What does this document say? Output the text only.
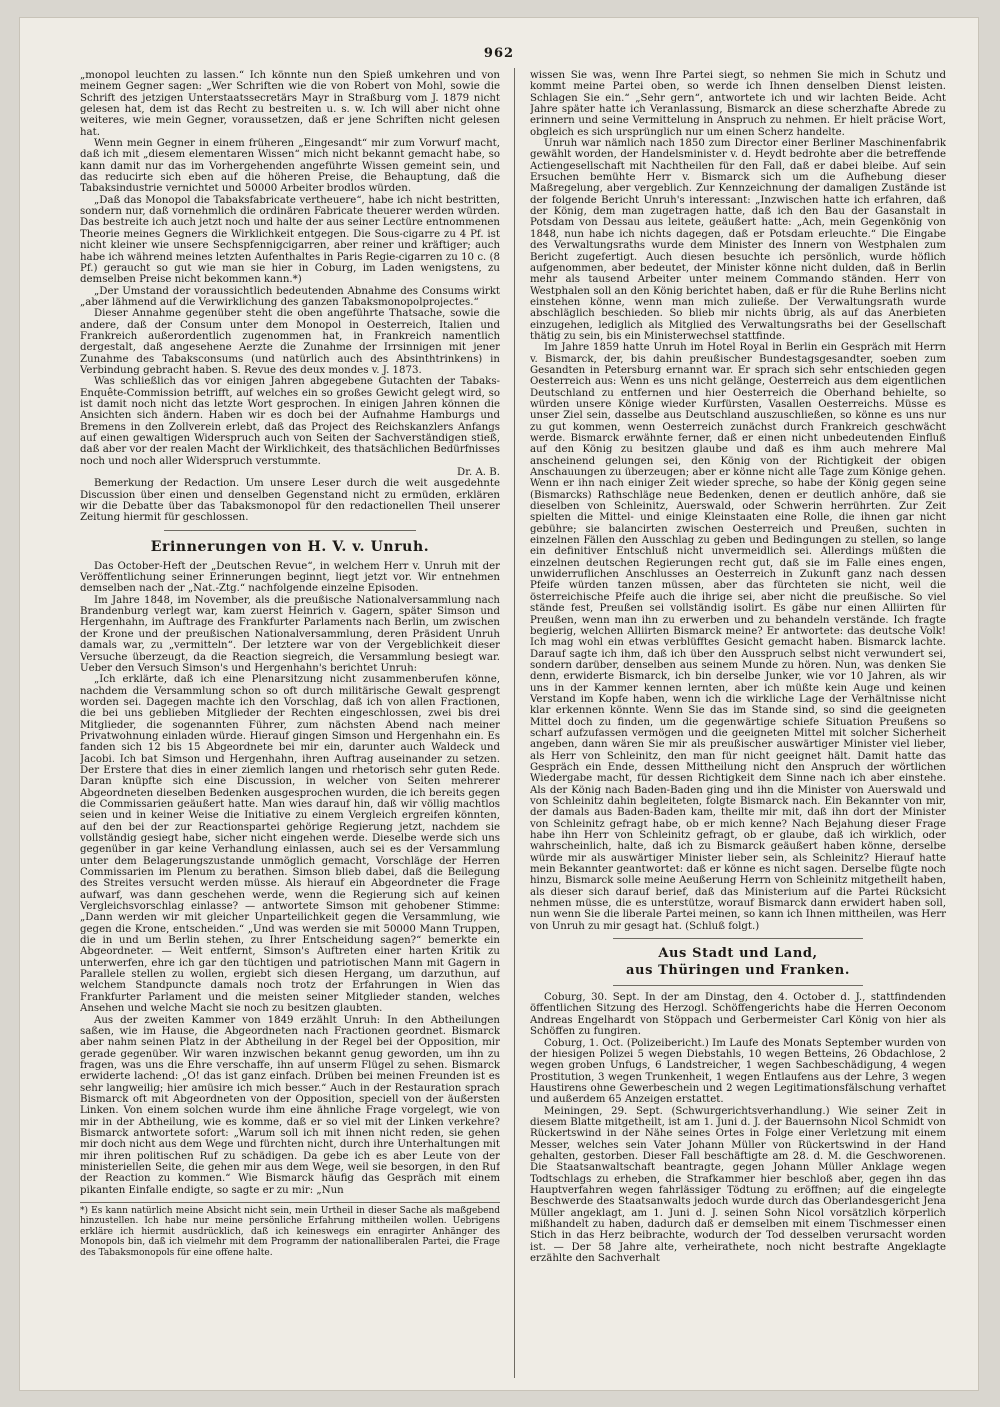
962

„monopol leuchten zu lassen.“ Ich könnte nun den Spieß umkehren und von meinem Gegner sagen: „Wer Schriften wie die von Robert von Mohl, sowie die Schrift des jetzigen Unterstaatssecretärs Mayr in Straßburg vom J. 1879 nicht gelesen hat, dem ist das Recht zu bestreiten u. s. w. Ich will aber nicht ohne weiteres, wie mein Gegner, voraussetzen, daß er jene Schriften nicht gelesen hat.

Wenn mein Gegner in einem früheren „Eingesandt“ mir zum Vorwurf macht, daß ich mit „diesem elementaren Wissen“ mich nicht bekannt gemacht habe, so kann damit nur das im Vorhergehenden angeführte Wissen gemeint sein, und das reducirte sich eben auf die höheren Preise, die Behauptung, daß die Tabaksindustrie vernichtet und 50000 Arbeiter brodlos würden.

„Daß das Monopol die Tabaksfabricate vertheuere“, habe ich nicht bestritten, sondern nur, daß vornehmlich die ordinären Fabricate theuerer werden würden. Das bestreite ich auch jetzt noch und halte der aus seiner Lectüre entnommenen Theorie meines Gegners die Wirklichkeit entgegen. Die Sous-cigarre zu 4 Pf. ist nicht kleiner wie unsere Sechspfennigcigarren, aber reiner und kräftiger; auch habe ich während meines letzten Aufenthaltes in Paris Regie-cigarren zu 10 c. (8 Pf.) geraucht so gut wie man sie hier in Coburg, im Laden wenigstens, zu demselben Preise nicht bekommen kann.*)

„Der Umstand der voraussichtlich bedeutenden Abnahme des Consums wirkt „aber lähmend auf die Verwirklichung des ganzen Tabaksmonopolprojectes.“

Dieser Annahme gegenüber steht die oben angeführte Thatsache, sowie die andere, daß der Consum unter dem Monopol in Oesterreich, Italien und Frankreich außerordentlich zugenommen hat, in Frankreich namentlich dergestalt, daß angesehene Aerzte die Zunahme der Irrsinnigen mit jener Zunahme des Tabaksconsums (und natürlich auch des Absinthtrinkens) in Verbindung gebracht haben. S. Revue des deux mondes v. J. 1873.

Was schließlich das vor einigen Jahren abgegebene Gutachten der Tabaks-Enquête-Commission betrifft, auf welches ein so großes Gewicht gelegt wird, so ist damit noch nicht das letzte Wort gesprochen. In einigen Jahren können die Ansichten sich ändern. Haben wir es doch bei der Aufnahme Hamburgs und Bremens in den Zollverein erlebt, daß das Project des Reichskanzlers Anfangs auf einen gewaltigen Widerspruch auch von Seiten der Sachverständigen stieß, daß aber vor der realen Macht der Wirklichkeit, des thatsächlichen Bedürfnisses noch und noch aller Widerspruch verstummte.

Dr. A. B.

Bemerkung der Redaction. Um unsere Leser durch die weit ausgedehnte Discussion über einen und denselben Gegenstand nicht zu ermüden, erklären wir die Debatte über das Tabaksmonopol für den redactionellen Theil unserer Zeitung hiermit für geschlossen.

Erinnerungen von H. V. v. Unruh.

Das October-Heft der „Deutschen Revue“, in welchem Herr v. Unruh mit der Veröffentlichung seiner Erinnerungen beginnt, liegt jetzt vor. Wir entnehmen demselben nach der „Nat.-Ztg.“ nachfolgende einzelne Episoden.

Im Jahre 1848, im November, als die preußische Nationalversammlung nach Brandenburg verlegt war, kam zuerst Heinrich v. Gagern, später Simson und Hergenhahn, im Auftrage des Frankfurter Parlaments nach Berlin, um zwischen der Krone und der preußischen Nationalversammlung, deren Präsident Unruh damals war, zu „vermitteln“. Der letztere war von der Vergeblichkeit dieser Versuche überzeugt, da die Reaction siegreich, die Versammlung besiegt war. Ueber den Versuch Simson's und Hergenhahn's berichtet Unruh:

„Ich erklärte, daß ich eine Plenarsitzung nicht zusammenberufen könne, nachdem die Versammlung schon so oft durch militärische Gewalt gesprengt worden sei. Dagegen machte ich den Vorschlag, daß ich von allen Fractionen, die bei uns geblieben Mitglieder der Rechten eingeschlossen, zwei bis drei Mitglieder, die sogenannten Führer, zum nächsten Abend nach meiner Privatwohnung einladen würde. Hierauf gingen Simson und Hergenhahn ein. Es fanden sich 12 bis 15 Abgeordnete bei mir ein, darunter auch Waldeck und Jacobi. Ich bat Simson und Hergenhahn, ihren Auftrag auseinander zu setzen. Der Erstere that dies in einer ziemlich langen und rhetorisch sehr guten Rede. Daran knüpfte sich eine Discussion, in welcher von Seiten mehrerer Abgeordneten dieselben Bedenken ausgesprochen wurden, die ich bereits gegen die Commissarien geäußert hatte. Man wies darauf hin, daß wir völlig machtlos seien und in keiner Weise die Initiative zu einem Vergleich ergreifen könnten, auf den bei der zur Reactionspartei gehörige Regierung jetzt, nachdem sie vollständig gesiegt habe, sicher nicht eingehen werde. Dieselbe werde sich uns gegenüber in gar keine Verhandlung einlassen, auch sei es der Versammlung unter dem Belagerungszustande unmöglich gemacht, Vorschläge der Herren Commissarien im Plenum zu berathen. Simson blieb dabei, daß die Beilegung des Streites versucht werden müsse. Als hierauf ein Abgeordneter die Frage aufwarf, was dann geschehen werde, wenn die Regierung sich auf keinen Vergleichsvorschlag einlasse? — antwortete Simson mit gehobener Stimme: „Dann werden wir mit gleicher Unparteilichkeit gegen die Versammlung, wie gegen die Krone, entscheiden.“ „Und was werden sie mit 50000 Mann Truppen, die in und um Berlin stehen, zu Ihrer Entscheidung sagen?“ bemerkte ein Abgeordneter. — Weit entfernt, Simson's Auftreten einer harten Kritik zu unterwerfen, ehre ich gar den tüchtigen und patriotischen Mann mit Gagern in Parallele stellen zu wollen, ergiebt sich diesen Hergang, um darzuthun, auf welchem Standpuncte damals noch trotz der Erfahrungen in Wien das Frankfurter Parlament und die meisten seiner Mitglieder standen, welches Ansehen und welche Macht sie noch zu besitzen glaubten.

Aus der zweiten Kammer von 1849 erzählt Unruh: In den Abtheilungen saßen, wie im Hause, die Abgeordneten nach Fractionen geordnet. Bismarck aber nahm seinen Platz in der Abtheilung in der Regel bei der Opposition, mir gerade gegenüber. Wir waren inzwischen bekannt genug geworden, um ihn zu fragen, was uns die Ehre verschaffe, ihn auf unserm Flügel zu sehen. Bismarck erwiderte lachend: „O! das ist ganz einfach. Drüben bei meinen Freunden ist es sehr langweilig; hier amüsire ich mich besser.“ Auch in der Restauration sprach Bismarck oft mit Abgeordneten von der Opposition, speciell von der äußersten Linken. Von einem solchen wurde ihm eine ähnliche Frage vorgelegt, wie von mir in der Abtheilung, wie es komme, daß er so viel mit der Linken verkehre? Bismarck antwortete sofort: „Warum soll ich mit ihnen nicht reden, sie gehen mir doch nicht aus dem Wege und fürchten nicht, durch ihre Unterhaltungen mit mir ihren politischen Ruf zu schädigen. Da gebe ich es aber Leute von der ministeriellen Seite, die gehen mir aus dem Wege, weil sie besorgen, in den Ruf der Reaction zu kommen.“ Wie Bismarck häufig das Gespräch mit einem pikanten Einfalle endigte, so sagte er zu mir: „Nun

*) Es kann natürlich meine Absicht nicht sein, mein Urtheil in dieser Sache als maßgebend hinzustellen. Ich habe nur meine persönliche Erfahrung mittheilen wollen. Uebrigens erkläre ich hiermit ausdrücklich, daß ich keineswegs ein enragirter Anhänger des Monopols bin, daß ich vielmehr mit dem Programm der nationalliberalen Partei, die Frage des Tabaksmonopols für eine offene halte.

wissen Sie was, wenn Ihre Partei siegt, so nehmen Sie mich in Schutz und kommt meine Partei oben, so werde ich Ihnen denselben Dienst leisten. Schlagen Sie ein.“ „Sehr gern“, antwortete ich und wir lachten Beide. Acht Jahre später hatte ich Veranlassung, Bismarck an diese scherzhafte Abrede zu erinnern und seine Vermittelung in Anspruch zu nehmen. Er hielt präcise Wort, obgleich es sich ursprünglich nur um einen Scherz handelte.

Unruh war nämlich nach 1850 zum Director einer Berliner Maschinenfabrik gewählt worden, der Handelsminister v. d. Heydt bedrohte aber die betreffende Actiengesellschaft mit Nachtheilen für den Fall, daß er dabei bleibe. Auf sein Ersuchen bemühte Herr v. Bismarck sich um die Aufhebung dieser Maßregelung, aber vergeblich. Zur Kennzeichnung der damaligen Zustände ist der folgende Bericht Unruh's interessant: „Inzwischen hatte ich erfahren, daß der König, dem man zugetragen hatte, daß ich den Bau der Gasanstalt in Potsdam von Dessau aus leitete, geäußert hatte: „Ach, mein Gegenkönig von 1848, nun habe ich nichts dagegen, daß er Potsdam erleuchte.“ Die Eingabe des Verwaltungsraths wurde dem Minister des Innern von Westphalen zum Bericht zugefertigt. Auch diesen besuchte ich persönlich, wurde höflich aufgenommen, aber bedeutet, der Minister könne nicht dulden, daß in Berlin mehr als tausend Arbeiter unter meinem Commando ständen. Herr von Westphalen soll an den König berichtet haben, daß er für die Ruhe Berlins nicht einstehen könne, wenn man mich zuließe. Der Verwaltungsrath wurde abschläglich beschieden. So blieb mir nichts übrig, als auf das Anerbieten einzugehen, lediglich als Mitglied des Verwaltungsraths bei der Gesellschaft thätig zu sein, bis ein Ministerwechsel stattfinde.

Im Jahre 1859 hatte Unruh im Hotel Royal in Berlin ein Gespräch mit Herrn v. Bismarck, der, bis dahin preußischer Bundestagsgesandter, soeben zum Gesandten in Petersburg ernannt war. Er sprach sich sehr entschieden gegen Oesterreich aus: Wenn es uns nicht gelänge, Oesterreich aus dem eigentlichen Deutschland zu entfernen und hier Oesterreich die Oberhand behielte, so würden unsere Könige wieder Kurfürsten, Vasallen Oesterreichs. Müsse es unser Ziel sein, dasselbe aus Deutschland auszuschließen, so könne es uns nur zu gut kommen, wenn Oesterreich zunächst durch Frankreich geschwächt werde. Bismarck erwähnte ferner, daß er einen nicht unbedeutenden Einfluß auf den König zu besitzen glaube und daß es ihm auch mehrere Mal anscheinend gelungen sei, den König von der Richtigkeit der obigen Anschauungen zu überzeugen; aber er könne nicht alle Tage zum Könige gehen. Wenn er ihn nach einiger Zeit wieder spreche, so habe der König gegen seine (Bismarcks) Rathschläge neue Bedenken, denen er deutlich anhöre, daß sie dieselben von Schleinitz, Auerswald, oder Schwerin herrührten. Zur Zeit spielten die Mittel- und einige Kleinstaaten eine Rolle, die ihnen gar nicht gebühre; sie balancirten zwischen Oesterreich und Preußen, suchten in einzelnen Fällen den Ausschlag zu geben und Bedingungen zu stellen, so lange ein definitiver Entschluß nicht unvermeidlich sei. Allerdings müßten die einzelnen deutschen Regierungen recht gut, daß sie im Falle eines engen, unwiderruflichen Anschlusses an Oesterreich in Zukunft ganz nach dessen Pfeife würden tanzen müssen, aber das fürchteten sie nicht, weil die österreichische Pfeife auch die ihrige sei, aber nicht die preußische. So viel stände fest, Preußen sei vollständig isolirt. Es gäbe nur einen Alliirten für Preußen, wenn man ihn zu erwerben und zu behandeln verstände. Ich fragte begierig, welchen Alliirten Bismarck meine? Er antwortete: das deutsche Volk! Ich mag wohl ein etwas verblüfftes Gesicht gemacht haben. Bismarck lachte. Darauf sagte ich ihm, daß ich über den Ausspruch selbst nicht verwundert sei, sondern darüber, denselben aus seinem Munde zu hören. Nun, was denken Sie denn, erwiderte Bismarck, ich bin derselbe Junker, wie vor 10 Jahren, als wir uns in der Kammer kennen lernten, aber ich müßte kein Auge und keinen Verstand im Kopfe haben, wenn ich die wirkliche Lage der Verhältnisse nicht klar erkennen könnte. Wenn Sie das im Stande sind, so sind die geeigneten Mittel doch zu finden, um die gegenwärtige schiefe Situation Preußens so scharf aufzufassen vermögen und die geeigneten Mittel mit solcher Sicherheit angeben, dann wären Sie mir als preußischer auswärtiger Minister viel lieber, als Herr von Schleinitz, den man für nicht geeignet hält. Damit hatte das Gespräch ein Ende, dessen Mittheilung nicht den Anspruch der wörtlichen Wiedergabe macht, für dessen Richtigkeit dem Sinne nach ich aber einstehe. Als der König nach Baden-Baden ging und ihn die Minister von Auerswald und von Schleinitz dahin begleiteten, folgte Bismarck nach. Ein Bekannter von mir, der damals aus Baden-Baden kam, theilte mir mit, daß ihn dort der Minister von Schleinitz gefragt habe, ob er mich kenne? Nach Bejahung dieser Frage habe ihn Herr von Schleinitz gefragt, ob er glaube, daß ich wirklich, oder wahrscheinlich, halte, daß ich zu Bismarck geäußert haben könne, derselbe würde mir als auswärtiger Minister lieber sein, als Schleinitz? Hierauf hatte mein Bekannter geantwortet: daß er könne es nicht sagen. Derselbe fügte noch hinzu, Bismarck solle meine Aeußerung Herrn von Schleinitz mitgetheilt haben, als dieser sich darauf berief, daß das Ministerium auf die Partei Rücksicht nehmen müsse, die es unterstütze, worauf Bismarck dann erwidert haben soll, nun wenn Sie die liberale Partei meinen, so kann ich Ihnen mittheilen, was Herr von Unruh zu mir gesagt hat. (Schluß folgt.)

Aus Stadt und Land,
aus Thüringen und Franken.

Coburg, 30. Sept. In der am Dinstag, den 4. October d. J., stattfindenden öffentlichen Sitzung des Herzogl. Schöffengerichts habe die Herren Oeconom Andreas Engelhardt von Stöppach und Gerbermeister Carl König von hier als Schöffen zu fungiren.

Coburg, 1. Oct. (Polizeibericht.) Im Laufe des Monats September wurden von der hiesigen Polizei 5 wegen Diebstahls, 10 wegen Betteins, 26 Obdachlose, 2 wegen groben Unfugs, 6 Landstreicher, 1 wegen Sachbeschädigung, 4 wegen Prostitution, 3 wegen Trunkenheit, 1 wegen Entlaufens aus der Lehre, 3 wegen Haustirens ohne Gewerbeschein und 2 wegen Legitimationsfälschung verhaftet und außerdem 65 Anzeigen erstattet.

Meiningen, 29. Sept. (Schwurgerichtsverhandlung.) Wie seiner Zeit in diesem Blatte mitgetheilt, ist am 1. Juni d. J. der Bauernsohn Nicol Schmidt von Rückertswind in der Nähe seines Ortes in Folge einer Verletzung mit einem Messer, welches sein Vater Johann Müller von Rückertswind in der Hand gehalten, gestorben. Dieser Fall beschäftigte am 28. d. M. die Geschworenen. Die Staatsanwaltschaft beantragte, gegen Johann Müller Anklage wegen Todtschlags zu erheben, die Strafkammer hier beschloß aber, gegen ihn das Hauptverfahren wegen fahrlässiger Tödtung zu eröffnen; auf die eingelegte Beschwerde des Staatsanwalts jedoch wurde durch das Oberlandesgericht Jena Müller angeklagt, am 1. Juni d. J. seinen Sohn Nicol vorsätzlich körperlich mißhandelt zu haben, dadurch daß er demselben mit einem Tischmesser einen Stich in das Herz beibrachte, wodurch der Tod desselben verursacht worden ist. — Der 58 Jahre alte, verheirathete, noch nicht bestrafte Angeklagte erzählte den Sachverhalt
